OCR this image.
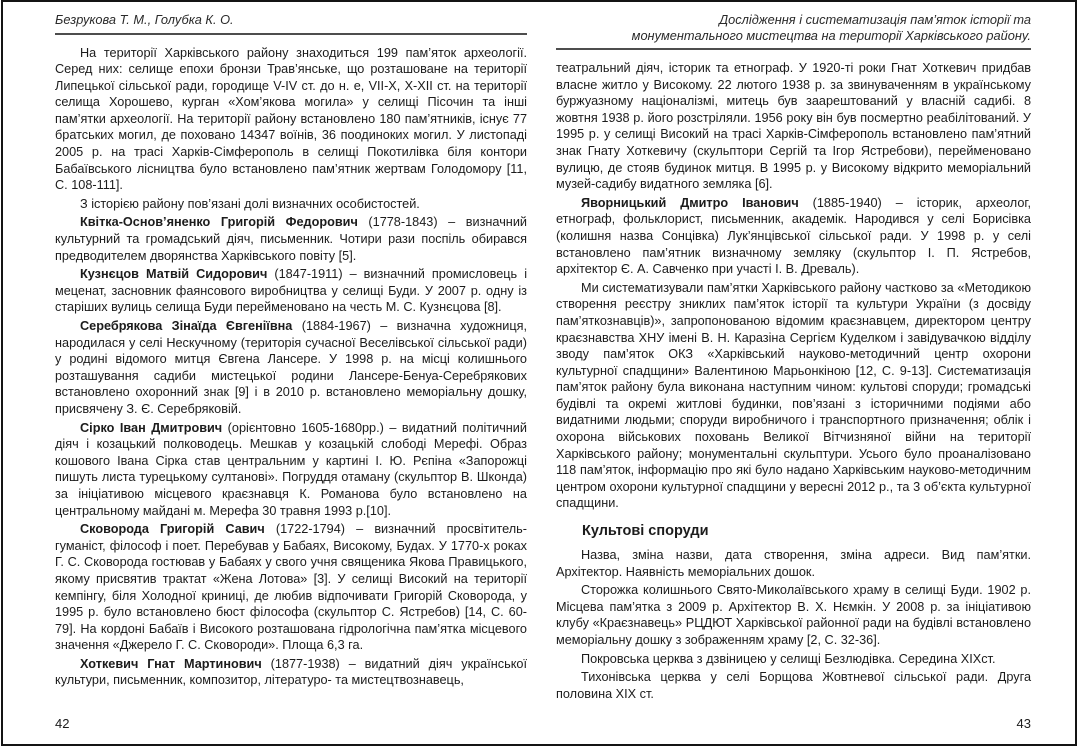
Безрукова Т. М., Голубка К. О.

На території Харківського району знаходиться 199 пам’яток археології. Серед них: селище епохи бронзи Трав’янське, що розташоване на території Липецької сільської ради, городище V-IV ст. до н. е, VII-X, X-XII ст. на території селища Хорошево, курган «Хом’якова могила» у селищі Пісочин та інші пам’ятки археології. На території району встановлено 180 пам’ятників, існує 77 братських могил, де поховано 14347 воїнів, 36 поодиноких могил. У листопаді 2005 р. на трасі Харків-Сімферополь в селищі Покотилівка біля контори Бабаївського лісництва було встановлено пам’ятник жертвам Голодомору [11, С. 108-111].

З історією району пов’язані долі визначних особистостей.

Квітка-Основ’яненко Григорій Федорович (1778-1843) – визначний культурний та громадський діяч, письменник. Чотири рази поспіль обирався предводителем дворянства Харківського повіту [5].

Кузнєцов Матвій Сидорович (1847-1911) – визначний промисловець і меценат, засновник фаянсового виробництва у селищі Буди. У 2007 р. одну із старіших вулиць селища Буди перейменовано на честь М. С. Кузнєцова [8].

Серебрякова Зінаїда Євгеніївна (1884-1967) – визначна художниця, народилася у селі Нескучному (територія сучасної Веселівської сільської ради) у родині відомого митця Євгена Лансере. У 1998 р. на місці колишнього розташування садиби мистецької родини Лансере-Бенуа-Серебрякових встановлено охоронний знак [9] і в 2010 р. встановлено меморіальну дошку, присвячену З. Є. Серебряковій.

Сірко Іван Дмитрович (орієнтовно 1605-1680рр.) – видатний політичний діяч і козацький полководець. Мешкав у козацькій слободі Мерефі. Образ кошового Івана Сірка став центральним у картині І. Ю. Рєпіна «Запорожці пишуть листа турецькому султанові». Погруддя отаману (скульптор В. Шконда) за ініціативою місцевого краєзнавця К. Романова було встановлено на центральному майдані м. Мерефа 30 травня 1993 р.[10].

Сковорода Григорій Савич (1722-1794) – визначний просвітитель-гуманіст, філософ і поет. Перебував у Бабаях, Високому, Будах. У 1770-х роках Г. С. Сковорода гостював у Бабаях у свого учня священика Якова Правицького, якому присвятив трактат «Жена Лотова» [3]. У селищі Високий на території кемпінгу, біля Холодної криниці, де любив відпочивати Григорій Сковорода, у 1995 р. було встановлено бюст філософа (скульптор С. Ястребов) [14, С. 60-79]. На кордоні Бабаїв і Високого розташована гідрологічна пам’ятка місцевого значення «Джерело Г. С. Сковороди». Площа 6,3 га.

Хоткевич Гнат Мартинович (1877-1938) – видатний діяч української культури, письменник, композитор, літературо- та мистецтвознавець,

Дослідження і систематизація пам’яток історії та
монументального мистецтва на території Харківського району.

театральний діяч, історик та етнограф. У 1920-ті роки Гнат Хоткевич придбав власне житло у Високому. 22 лютого 1938 р. за звинуваченням в українському буржуазному націоналізмі, митець був заарештований у власній садибі. 8 жовтня 1938 р. його розстріляли. 1956 року він був посмертно реабілітований. У 1995 р. у селищі Високий на трасі Харків-Сімферополь встановлено пам’ятний знак Гнату Хоткевичу (скульптори Сергій та Ігор Ястребови), перейменовано вулицю, де стояв будинок митця. В 1995 р. у Високому відкрито меморіальний музей-садибу видатного земляка [6].

Яворницький Дмитро Іванович (1885-1940) – історик, археолог, етнограф, фольклорист, письменник, академік. Народився у селі Борисівка (колишня назва Сонцівка) Лук’янцівської сільської ради. У 1998 р. у селі встановлено пам’ятник визначному земляку (скульптор І. П. Ястребов, архітектор Є. А. Савченко при участі І. В. Древаль).

Ми систематизували пам’ятки Харківського району частково за «Методикою створення реєстру зниклих пам’яток історії та культури України (з досвіду пам’яткознавців)», запропонованою відомим краєзнавцем, директором центру краєзнавства ХНУ імені В. Н. Каразіна Сергієм Куделком і завідувачкою відділу зводу пам’яток ОКЗ «Харківський науково-методичний центр охорони культурної спадщини» Валентиною Марьонкіною [12, С. 9-13]. Систематизація пам’яток району була виконана наступним чином: культові споруди; громадські будівлі та окремі житлові будинки, пов’язані з історичними подіями або видатними людьми; споруди виробничого і транспортного призначення; облік і охорона військових поховань Великої Вітчизняної війни на території Харківського району; монументальні скульптури. Усього було проаналізовано 118 пам’яток, інформацію про які було надано Харківським науково-методичним центром охорони культурної спадщини у вересні 2012 р., та 3 об’єкта культурної спадщини.

Культові споруди

Назва, зміна назви, дата створення, зміна адреси. Вид пам’ятки. Архітектор. Наявність меморіальних дошок.

Сторожка колишнього Свято-Миколаївського храму в селищі Буди. 1902 р. Місцева пам’ятка з 2009 р. Архітектор В. Х. Нємкін. У 2008 р. за ініціативою клубу «Краєзнавець» РЦДЮТ Харківської районної ради на будівлі встановлено меморіальну дошку з зображенням храму [2, С. 32-36].

Покровська церква з дзвіницею у селищі Безлюдівка. Середина XIXст.

Тихонівська церква у селі Борщова Жовтневої сільської ради. Друга половина XIX ст.

42	43
